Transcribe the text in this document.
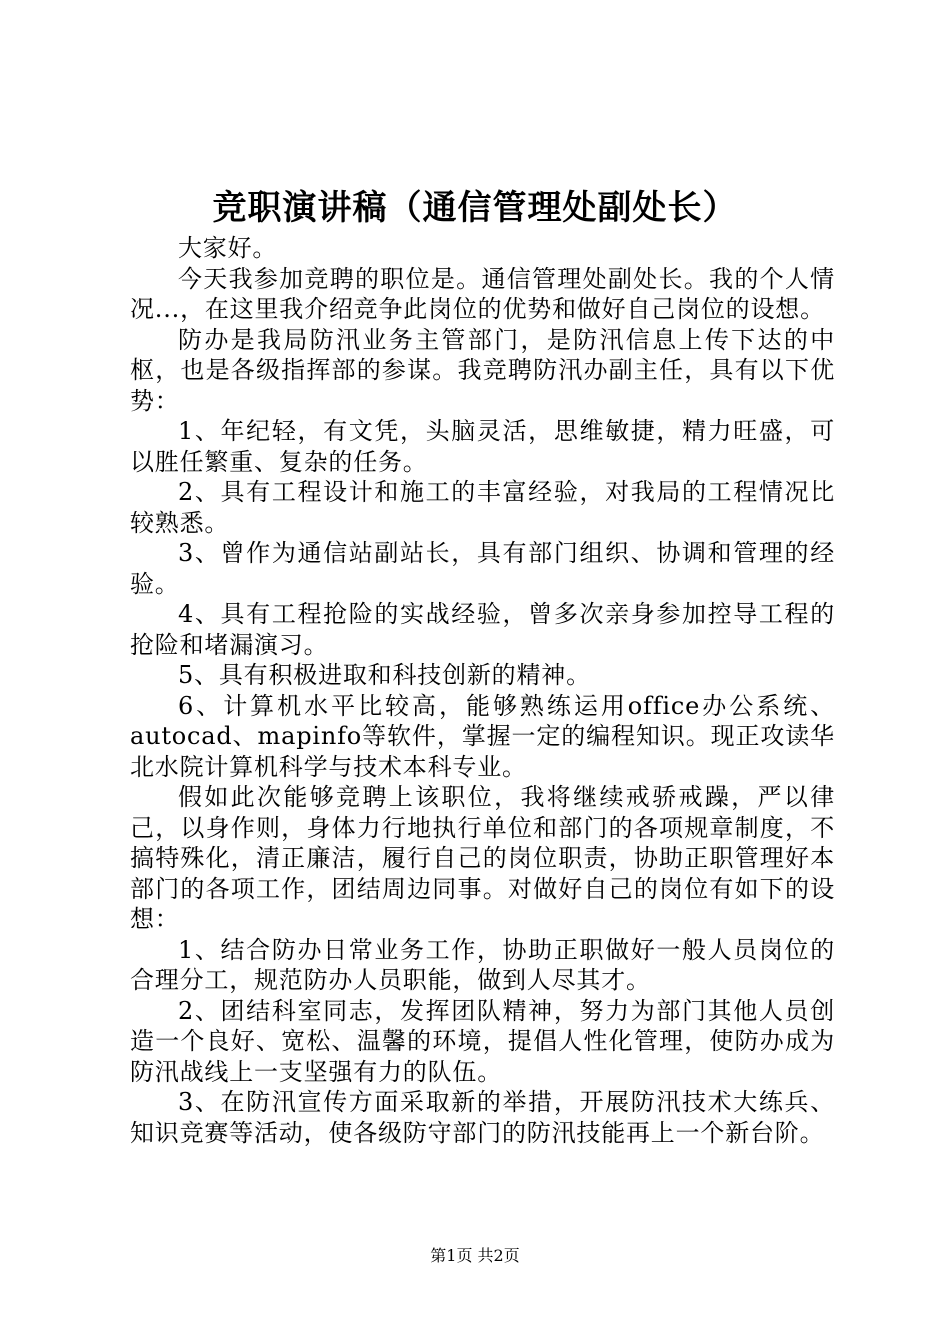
竞职演讲稿（通信管理处副处长）

大家好。

今天我参加竞聘的职位是。通信管理处副处长。我的个人情况...，在这里我介绍竞争此岗位的优势和做好自己岗位的设想。

防办是我局防汛业务主管部门，是防汛信息上传下达的中枢，也是各级指挥部的参谋。我竞聘防汛办副主任，具有以下优势：

1、年纪轻，有文凭，头脑灵活，思维敏捷，精力旺盛，可以胜任繁重、复杂的任务。

2、具有工程设计和施工的丰富经验，对我局的工程情况比较熟悉。

3、曾作为通信站副站长，具有部门组织、协调和管理的经验。

4、具有工程抢险的实战经验，曾多次亲身参加控导工程的抢险和堵漏演习。

5、具有积极进取和科技创新的精神。

6、计算机水平比较高，能够熟练运用office办公系统、autocad、mapinfo等软件，掌握一定的编程知识。现正攻读华北水院计算机科学与技术本科专业。

假如此次能够竞聘上该职位，我将继续戒骄戒躁，严以律己，以身作则，身体力行地执行单位和部门的各项规章制度，不搞特殊化，清正廉洁，履行自己的岗位职责，协助正职管理好本部门的各项工作，团结周边同事。对做好自己的岗位有如下的设想：

1、结合防办日常业务工作，协助正职做好一般人员岗位的合理分工，规范防办人员职能，做到人尽其才。

2、团结科室同志，发挥团队精神，努力为部门其他人员创造一个良好、宽松、温馨的环境，提倡人性化管理，使防办成为防汛战线上一支坚强有力的队伍。

3、在防汛宣传方面采取新的举措，开展防汛技术大练兵、知识竞赛等活动，使各级防守部门的防汛技能再上一个新台阶。

第1页 共2页
